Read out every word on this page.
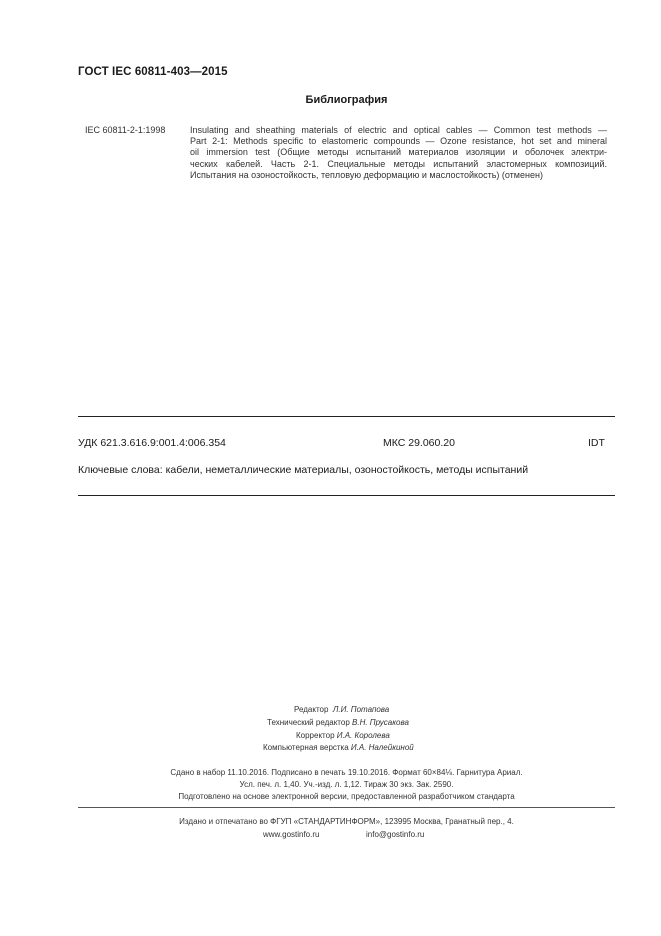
ГОСТ IEC 60811-403—2015
Библиография
IEC 60811-2-1:1998	Insulating and sheathing materials of electric and optical cables — Common test methods —
Part 2-1: Methods specific to elastomeric compounds — Ozone resistance, hot set and mineral
oil immersion test (Общие методы испытаний материалов изоляции и оболочек электри-
ческих кабелей. Часть 2-1. Специальные методы испытаний эластомерных композиций.
Испытания на озоностойкость, тепловую деформацию и маслостойкость) (отменен)
УДК 621.3.616.9:001.4:006.354	МКС 29.060.20	IDT
Ключевые слова: кабели, неметаллические материалы, озоностойкость, методы испытаний
Редактор Л.И. Потапова
Технический редактор В.Н. Прусакова
Корректор И.А. Королева
Компьютерная верстка И.А. Налейкиной
Сдано в набор 11.10.2016. Подписано в печать 19.10.2016. Формат 60×84⅛. Гарнитура Ариал.
Усл. печ. л. 1,40. Уч.-изд. л. 1,12. Тираж 30 экз. Зак. 2590.
Подготовлено на основе электронной версии, предоставленной разработчиком стандарта
Издано и отпечатано во ФГУП «СТАНДАРТИНФОРМ», 123995 Москва, Гранатный пер., 4.
www.gostinfo.ru	info@gostinfo.ru
